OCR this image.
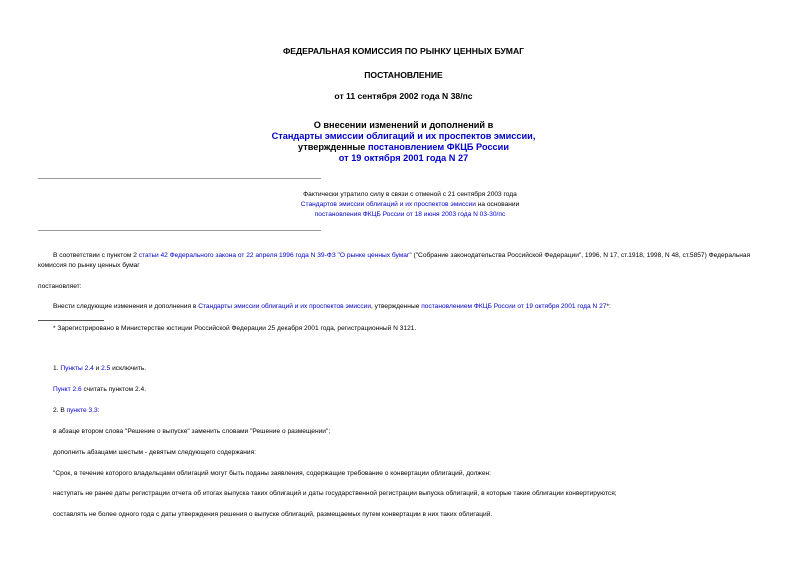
ФЕДЕРАЛЬНАЯ КОМИССИЯ ПО РЫНКУ ЦЕННЫХ БУМАГ
ПОСТАНОВЛЕНИЕ
от 11 сентября 2002 года N 38/пс
О внесении изменений и дополнений в
Стандарты эмиссии облигаций и их проспектов эмиссии,
утвержденные постановлением ФКЦБ России
от 19 октября 2001 года N 27
Фактически утратило силу в связи с отменой с 21 сентября 2003 года
Стандартов эмиссии облигаций и их проспектов эмиссии на основании
постановления ФКЦБ России от 18 июня 2003 года N 03-30/пс
В соответствии с пунктом 2 статьи 42 Федерального закона от 22 апреля 1996 года N 39-ФЗ "О рынке ценных бумаг" ("Собрание законодательства Российской Федерации", 1996, N 17, ст.1918, 1998, N 48, ст.5857) Федеральная комиссия по рынку ценных бумаг
постановляет:
Внести следующие изменения и дополнения в Стандарты эмиссии облигаций и их проспектов эмиссии, утвержденные постановлением ФКЦБ России от 19 октября 2001 года N 27*:
* Зарегистрировано в Министерстве юстиции Российской Федерации 25 декабря 2001 года, регистрационный N 3121.
1. Пункты 2.4 и 2.5 исключить.
Пункт 2.6 считать пунктом 2.4.
2. В пункте 3.3:
в абзаце втором слова "Решение о выпуске" заменить словами "Решение о размещении";
дополнить абзацами шестым - девятым следующего содержания:
"Срок, в течение которого владельцами облигаций могут быть поданы заявления, содержащие требование о конвертации облигаций, должен:
наступать не ранее даты регистрации отчета об итогах выпуска таких облигаций и даты государственной регистрации выпуска облигаций, в которые такие облигации конвертируются;
составлять не более одного года с даты утверждения решения о выпуске облигаций, размещаемых путем конвертации в них таких облигаций.
